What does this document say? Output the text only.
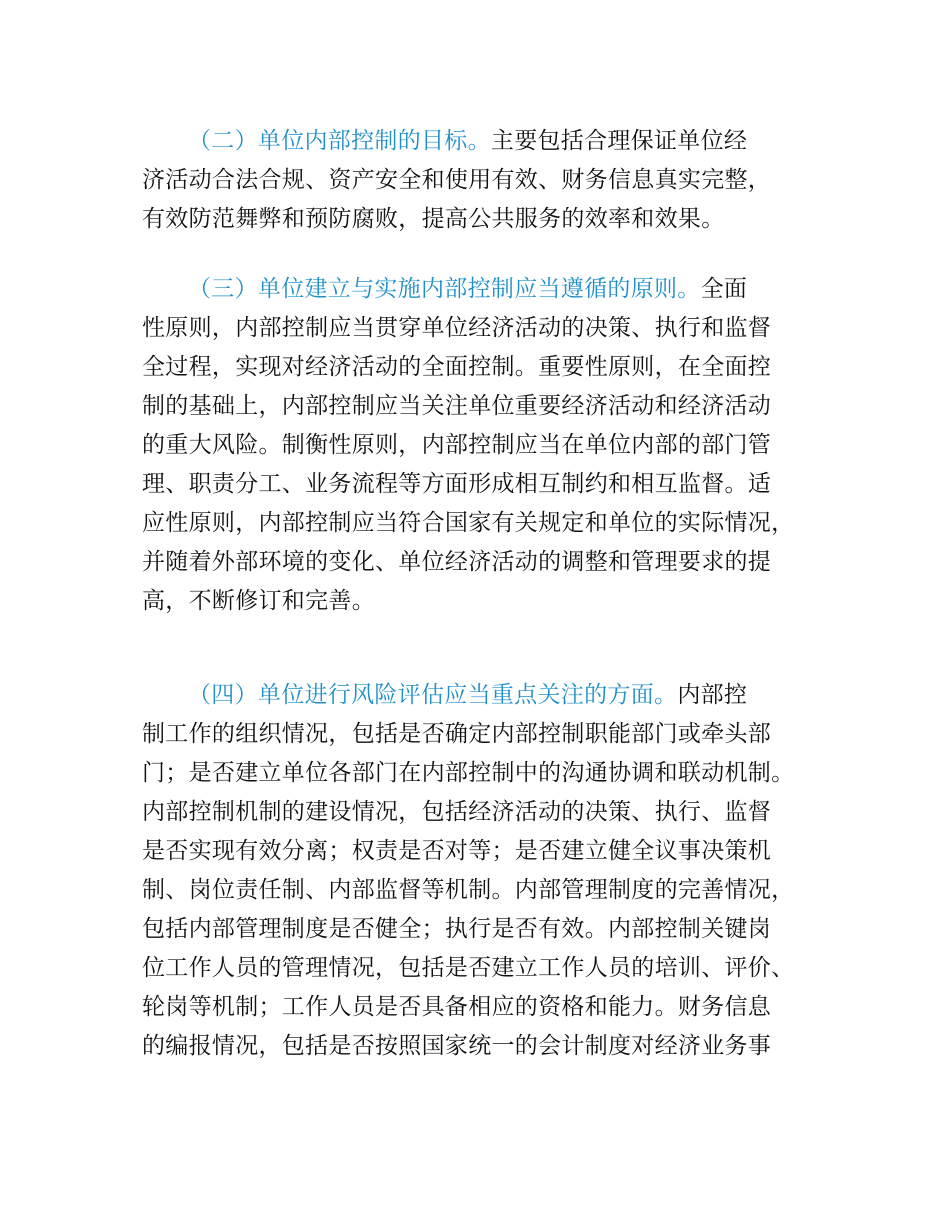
（二）单位内部控制的目标。主要包括合理保证单位经
济活动合法合规、资产安全和使用有效、财务信息真实完整，
有效防范舞弊和预防腐败，提高公共服务的效率和效果。
（三）单位建立与实施内部控制应当遵循的原则。全面
性原则，内部控制应当贯穿单位经济活动的决策、执行和监督
全过程，实现对经济活动的全面控制。重要性原则，在全面控
制的基础上，内部控制应当关注单位重要经济活动和经济活动
的重大风险。制衡性原则，内部控制应当在单位内部的部门管
理、职责分工、业务流程等方面形成相互制约和相互监督。适
应性原则，内部控制应当符合国家有关规定和单位的实际情况，
并随着外部环境的变化、单位经济活动的调整和管理要求的提
高，不断修订和完善。
（四）单位进行风险评估应当重点关注的方面。内部控
制工作的组织情况，包括是否确定内部控制职能部门或牵头部
门；是否建立单位各部门在内部控制中的沟通协调和联动机制。
内部控制机制的建设情况，包括经济活动的决策、执行、监督
是否实现有效分离；权责是否对等；是否建立健全议事决策机
制、岗位责任制、内部监督等机制。内部管理制度的完善情况，
包括内部管理制度是否健全；执行是否有效。内部控制关键岗
位工作人员的管理情况，包括是否建立工作人员的培训、评价、
轮岗等机制；工作人员是否具备相应的资格和能力。财务信息
的编报情况，包括是否按照国家统一的会计制度对经济业务事
